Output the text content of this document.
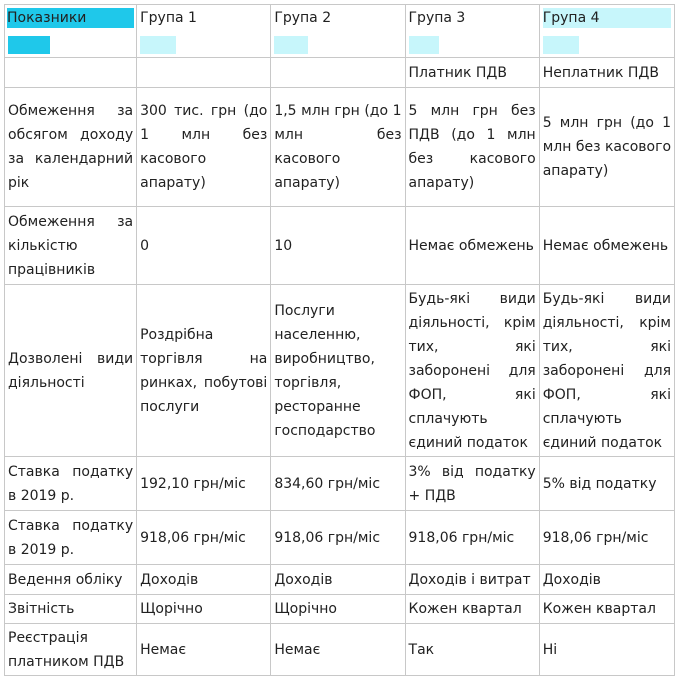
Показники	Група 1	Група 2	Група 3	Група 4

			Платник ПДВ	Неплатник ПДВ
Обмеження за обсягом доходу за календарний рік	300 тис. грн (до 1 млн без касового апарату)	1,5 млн грн (до 1 млн без касового апарату)	5 млн грн без ПДВ (до 1 млн без касового апарату)	5 млн грн (до 1 млн без касового апарату)
Обмеження за кількістю працівників	0	10	Немає обмежень	Немає обмежень
Дозволені види діяльності	Роздрібна торгівля на ринках, побутові послуги	Послуги населенню, виробництво, торгівля, ресторанне господарство	Будь-які види діяльності, крім тих, які заборонені для ФОП, які сплачують єдиний податок	Будь-які види діяльності, крім тих, які заборонені для ФОП, які сплачують єдиний податок
Ставка податку в 2019 р.	192,10 грн/міс	834,60 грн/міс	3% від податку + ПДВ	5% від податку
Ставка податку в 2019 р.	918,06 грн/міс	918,06 грн/міс	918,06 грн/міс	918,06 грн/міс
Ведення обліку	Доходів	Доходів	Доходів і витрат	Доходів
Звітність	Щорічно	Щорічно	Кожен квартал	Кожен квартал
Реєстрація платником ПДВ	Немає	Немає	Так	Ні
